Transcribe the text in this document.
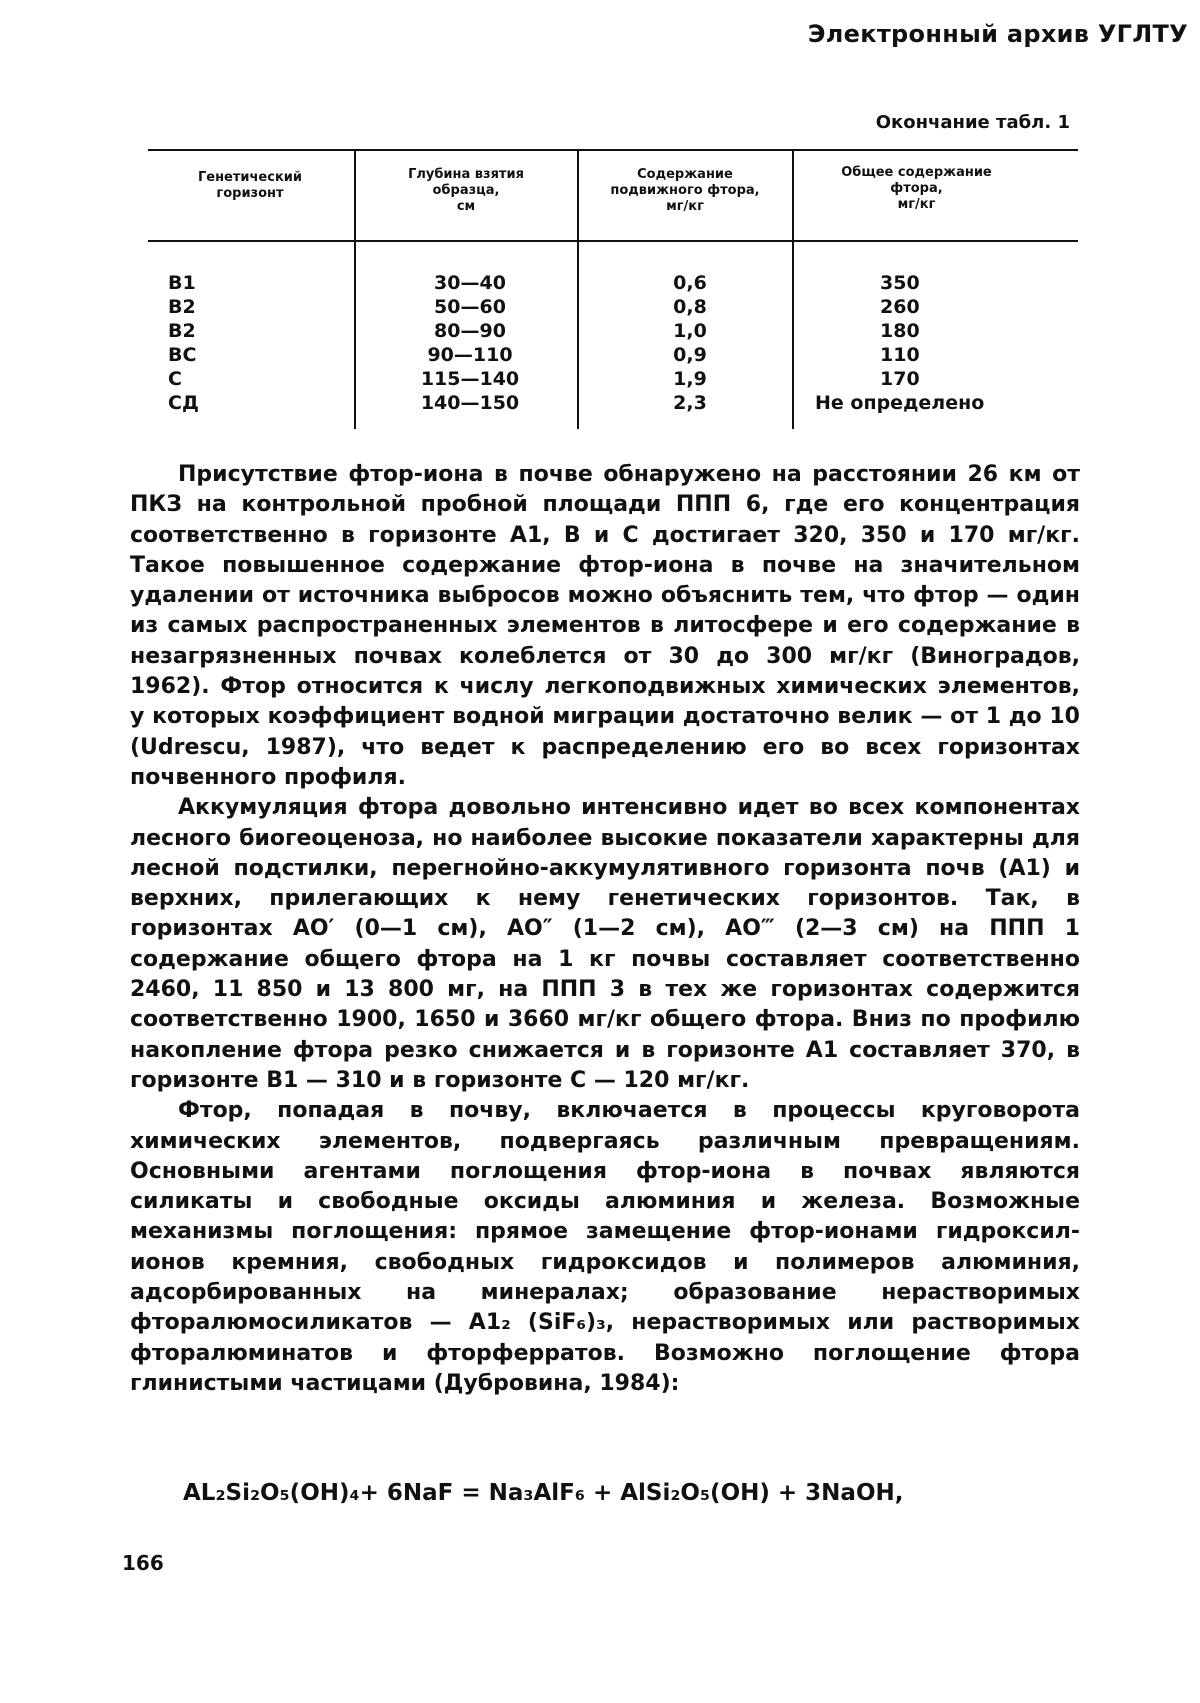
Электронный архив УГЛТУ
Окончание табл. 1
Генетический
горизонт
Глубина взятия
образца,
см
Содержание
подвижного фтора,
мг/кг
Общее содержание
фтора,
мг/кг
B1
B2
B2
BC
C
СД
30—40
50—60
80—90
90—110
115—140
140—150
0,6
0,8
1,0
0,9
1,9
2,3
350
260
180
110
170
Не определено

Присутствие фтор-иона в почве обнаружено на расстоянии 26 км от ПКЗ на контрольной пробной площади ППП 6, где его концентрация соответственно в горизонте А1, В и С достигает 320, 350 и 170 мг/кг. Такое повышенное содержание фтор-иона в почве на значительном удалении от источника выбросов можно объяснить тем, что фтор — один из самых распространенных элементов в литосфере и его содержание в незагрязненных почвах колеблется от 30 до 300 мг/кг (Виноградов, 1962). Фтор относится к числу легкоподвижных химических элементов, у которых коэффициент водной миграции достаточно велик — от 1 до 10 (Udrescu, 1987), что ведет к распределению его во всех горизонтах почвенного профиля.

Аккумуляция фтора довольно интенсивно идет во всех компонентах лесного биогеоценоза, но наиболее высокие показатели характерны для лесной подстилки, перегнойно-аккумулятивного горизонта почв (А1) и верхних, прилегающих к нему генетических горизонтов. Так, в горизонтах АО′ (0—1 см), АО″ (1—2 см), АО‴ (2—3 см) на ППП 1 содержание общего фтора на 1 кг почвы составляет соответственно 2460, 11 850 и 13 800 мг, на ППП 3 в тех же горизонтах содержится соответственно 1900, 1650 и 3660 мг/кг общего фтора. Вниз по профилю накопление фтора резко снижается и в горизонте А1 составляет 370, в горизонте В1 — 310 и в горизонте С — 120 мг/кг.

Фтор, попадая в почву, включается в процессы круговорота химических элементов, подвергаясь различным превращениям. Основными агентами поглощения фтор-иона в почвах являются силикаты и свободные оксиды алюминия и железа. Возможные механизмы поглощения: прямое замещение фтор-ионами гидроксил-ионов кремния, свободных гидроксидов и полимеров алюминия, адсорбированных на минералах; образование нерастворимых фторалюмосиликатов — А1₂ (SiF₆)₃, нерастворимых или растворимых фторалюминатов и фторферратов. Возможно поглощение фтора глинистыми частицами (Дубровина, 1984):

AL₂Si₂O₅(OH)₄+ 6NaF = Na₃AlF₆ + AlSi₂O₅(OH) + 3NaOH,
166
